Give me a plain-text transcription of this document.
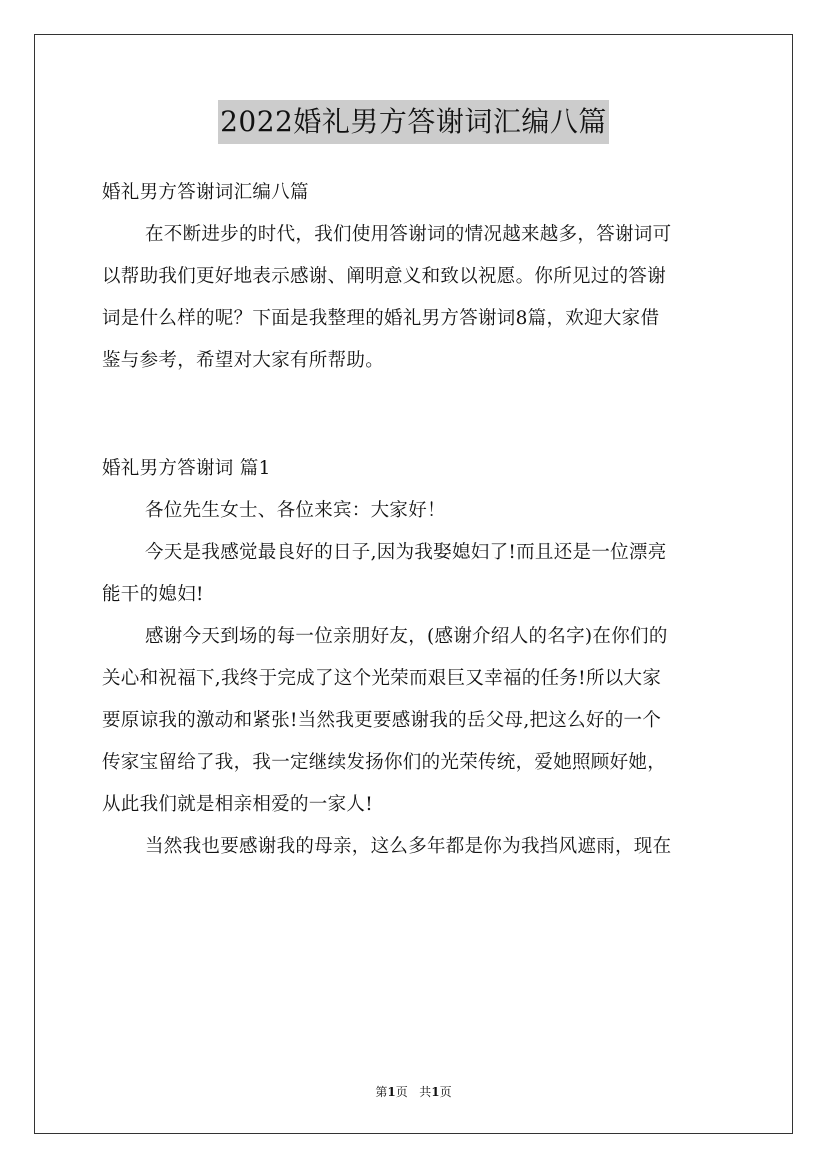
2022婚礼男方答谢词汇编八篇
婚礼男方答谢词汇编八篇
在不断进步的时代，我们使用答谢词的情况越来越多，答谢词可
以帮助我们更好地表示感谢、阐明意义和致以祝愿。你所见过的答谢
词是什么样的呢？下面是我整理的婚礼男方答谢词8篇，欢迎大家借
鉴与参考，希望对大家有所帮助。
婚礼男方答谢词 篇1
各位先生女士、各位来宾：大家好！
今天是我感觉最良好的日子,因为我娶媳妇了!而且还是一位漂亮
能干的媳妇!
感谢今天到场的每一位亲朋好友，(感谢介绍人的名字)在你们的
关心和祝福下,我终于完成了这个光荣而艰巨又幸福的任务!所以大家
要原谅我的激动和紧张!当然我更要感谢我的岳父母,把这么好的一个
传家宝留给了我，我一定继续发扬你们的光荣传统，爱她照顾好她，
从此我们就是相亲相爱的一家人!
当然我也要感谢我的母亲，这么多年都是你为我挡风遮雨，现在
第1页 共1页
